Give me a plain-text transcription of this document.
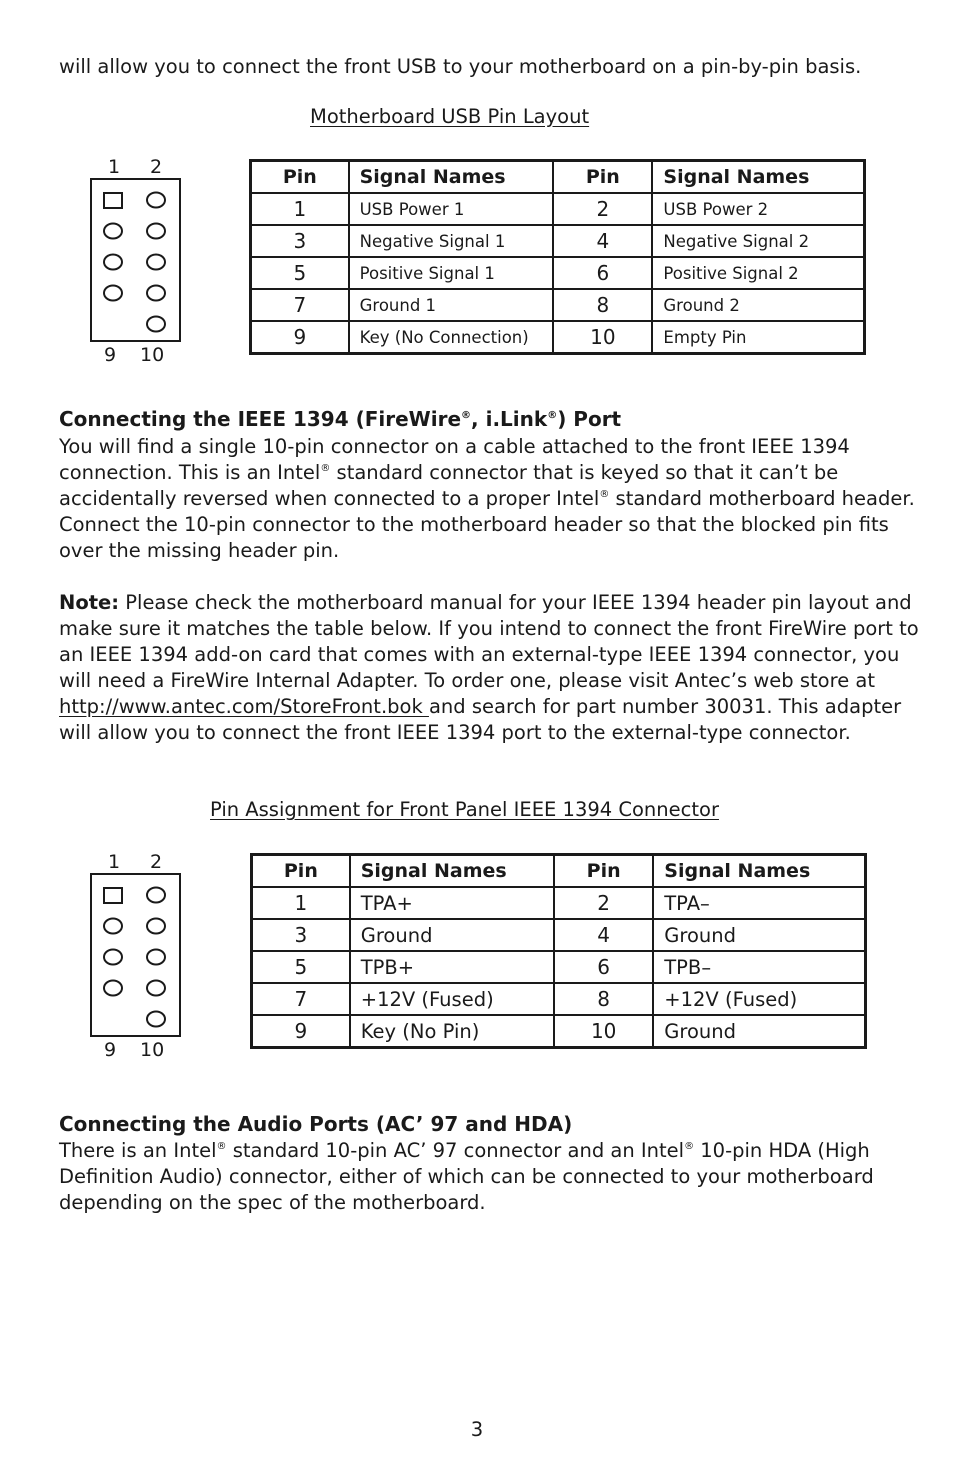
will allow you to connect the front USB to your motherboard on a pin-by-pin basis.

Motherboard USB Pin Layout
1 2
9 10
Pin	Signal Names	Pin	Signal Names
1	USB Power 1	2	USB Power 2
3	Negative Signal 1	4	Negative Signal 2
5	Positive Signal 1	6	Positive Signal 2
7	Ground 1	8	Ground 2
9	Key (No Connection)	10	Empty Pin
Connecting the IEEE 1394 (FireWire®, i.Link®) Port

You will find a single 10-pin connector on a cable attached to the front IEEE 1394 connection. This is an Intel® standard connector that is keyed so that it can’t be accidentally reversed when connected to a proper Intel® standard motherboard header. Connect the 10-pin connector to the motherboard header so that the blocked pin fits over the missing header pin.

Note: Please check the motherboard manual for your IEEE 1394 header pin layout and make sure it matches the table below. If you intend to connect the front FireWire port to an IEEE 1394 add-on card that comes with an external-type IEEE 1394 connector, you will need a FireWire Internal Adapter. To order one, please visit Antec’s web store at http://www.antec.com/StoreFront.bok and search for part number 30031. This adapter will allow you to connect the front IEEE 1394 port to the external-type connector.

Pin Assignment for Front Panel IEEE 1394 Connector
1 2
9 10
Pin	Signal Names	Pin	Signal Names
1	TPA+	2	TPA–
3	Ground	4	Ground
5	TPB+	6	TPB–
7	+12V (Fused)	8	+12V (Fused)
9	Key (No Pin)	10	Ground
Connecting the Audio Ports (AC’ 97 and HDA)

There is an Intel® standard 10-pin AC’ 97 connector and an Intel® 10-pin HDA (High Definition Audio) connector, either of which can be connected to your motherboard depending on the spec of the motherboard.

3
